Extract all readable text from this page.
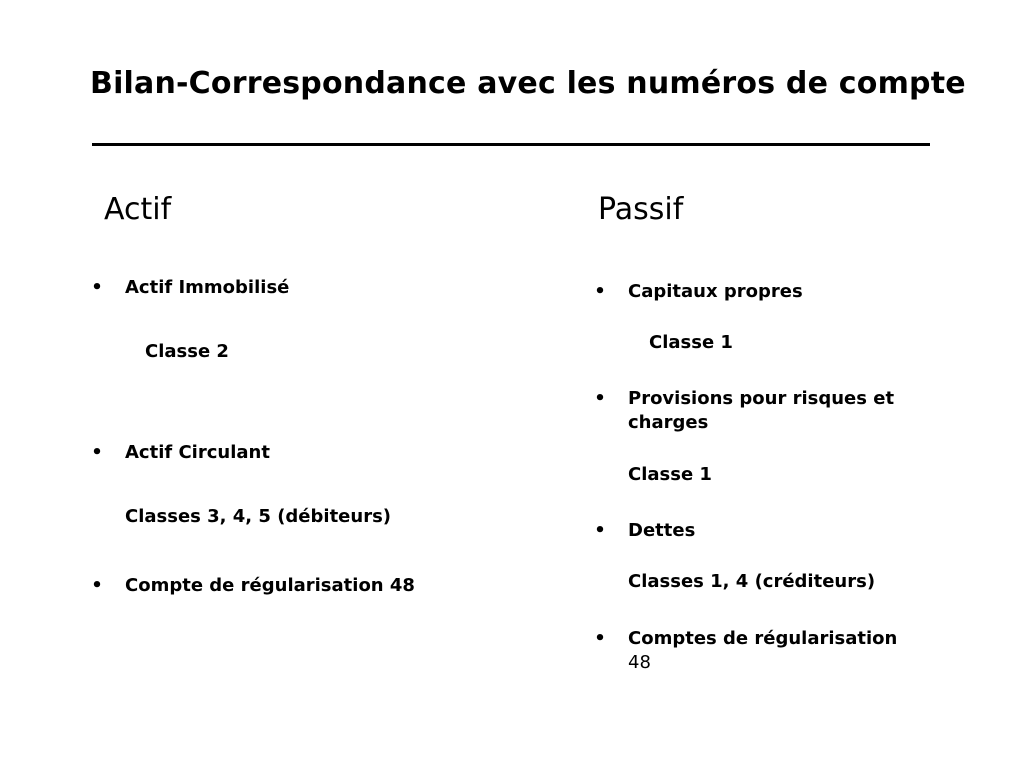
Bilan-Correspondance avec les numéros de compte
Actif
• Actif Immobilisé
Classe 2
• Actif Circulant
Classes 3, 4, 5 (débiteurs)
• Compte de régularisation 48
Passif
• Capitaux propres
Classe 1
• Provisions pour risques et
charges
Classe 1
• Dettes
Classes 1, 4 (créditeurs)
• Comptes de régularisation
48
